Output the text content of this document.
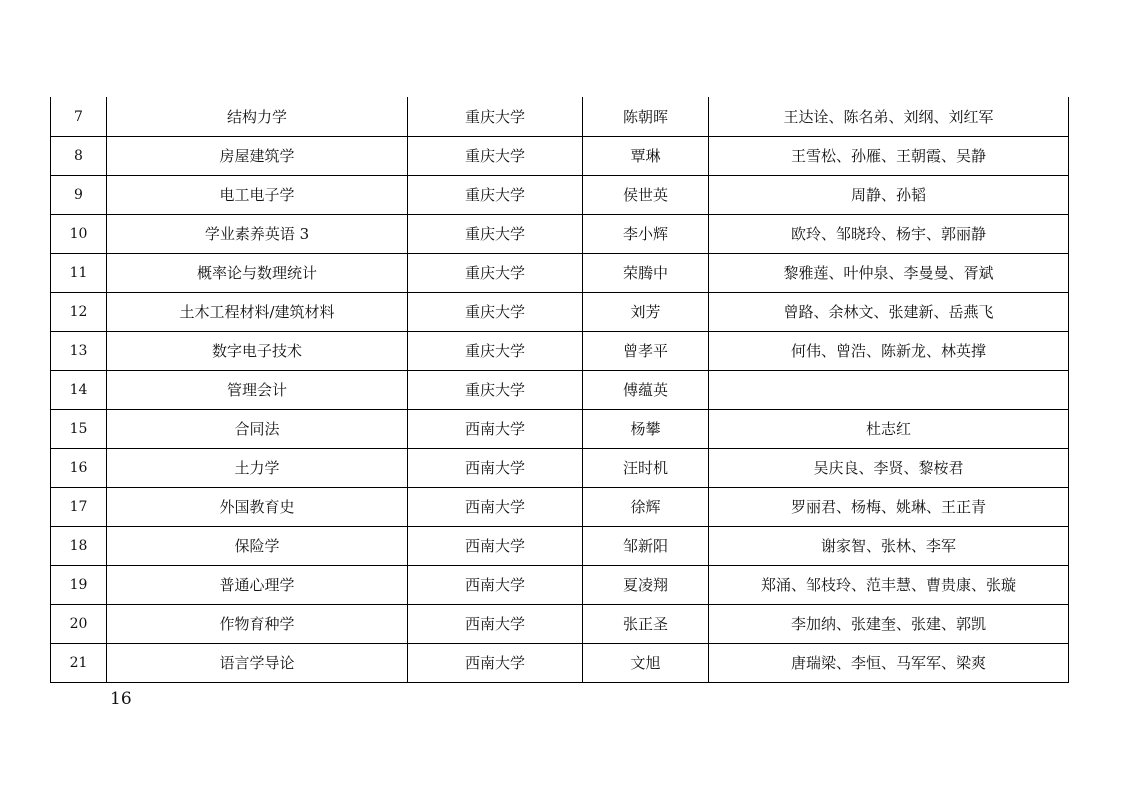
7	结构力学	重庆大学	陈朝晖	王达诠、陈名弟、刘纲、刘红军
8	房屋建筑学	重庆大学	覃琳	王雪松、孙雁、王朝霞、吴静
9	电工电子学	重庆大学	侯世英	周静、孙韬
10	学业素养英语 3	重庆大学	李小辉	欧玲、邹晓玲、杨宇、郭丽静
11	概率论与数理统计	重庆大学	荣腾中	黎雅莲、叶仲泉、李曼曼、胥斌
12	土木工程材料/建筑材料	重庆大学	刘芳	曾路、余林文、张建新、岳燕飞
13	数字电子技术	重庆大学	曾孝平	何伟、曾浩、陈新龙、林英撑
14	管理会计	重庆大学	傅蕴英	
15	合同法	西南大学	杨攀	杜志红
16	土力学	西南大学	汪时机	吴庆良、李贤、黎桉君
17	外国教育史	西南大学	徐辉	罗丽君、杨梅、姚琳、王正青
18	保险学	西南大学	邹新阳	谢家智、张林、李军
19	普通心理学	西南大学	夏凌翔	郑涌、邹枝玲、范丰慧、曹贵康、张璇
20	作物育种学	西南大学	张正圣	李加纳、张建奎、张建、郭凯
21	语言学导论	西南大学	文旭	唐瑞梁、李恒、马军军、梁爽
16
